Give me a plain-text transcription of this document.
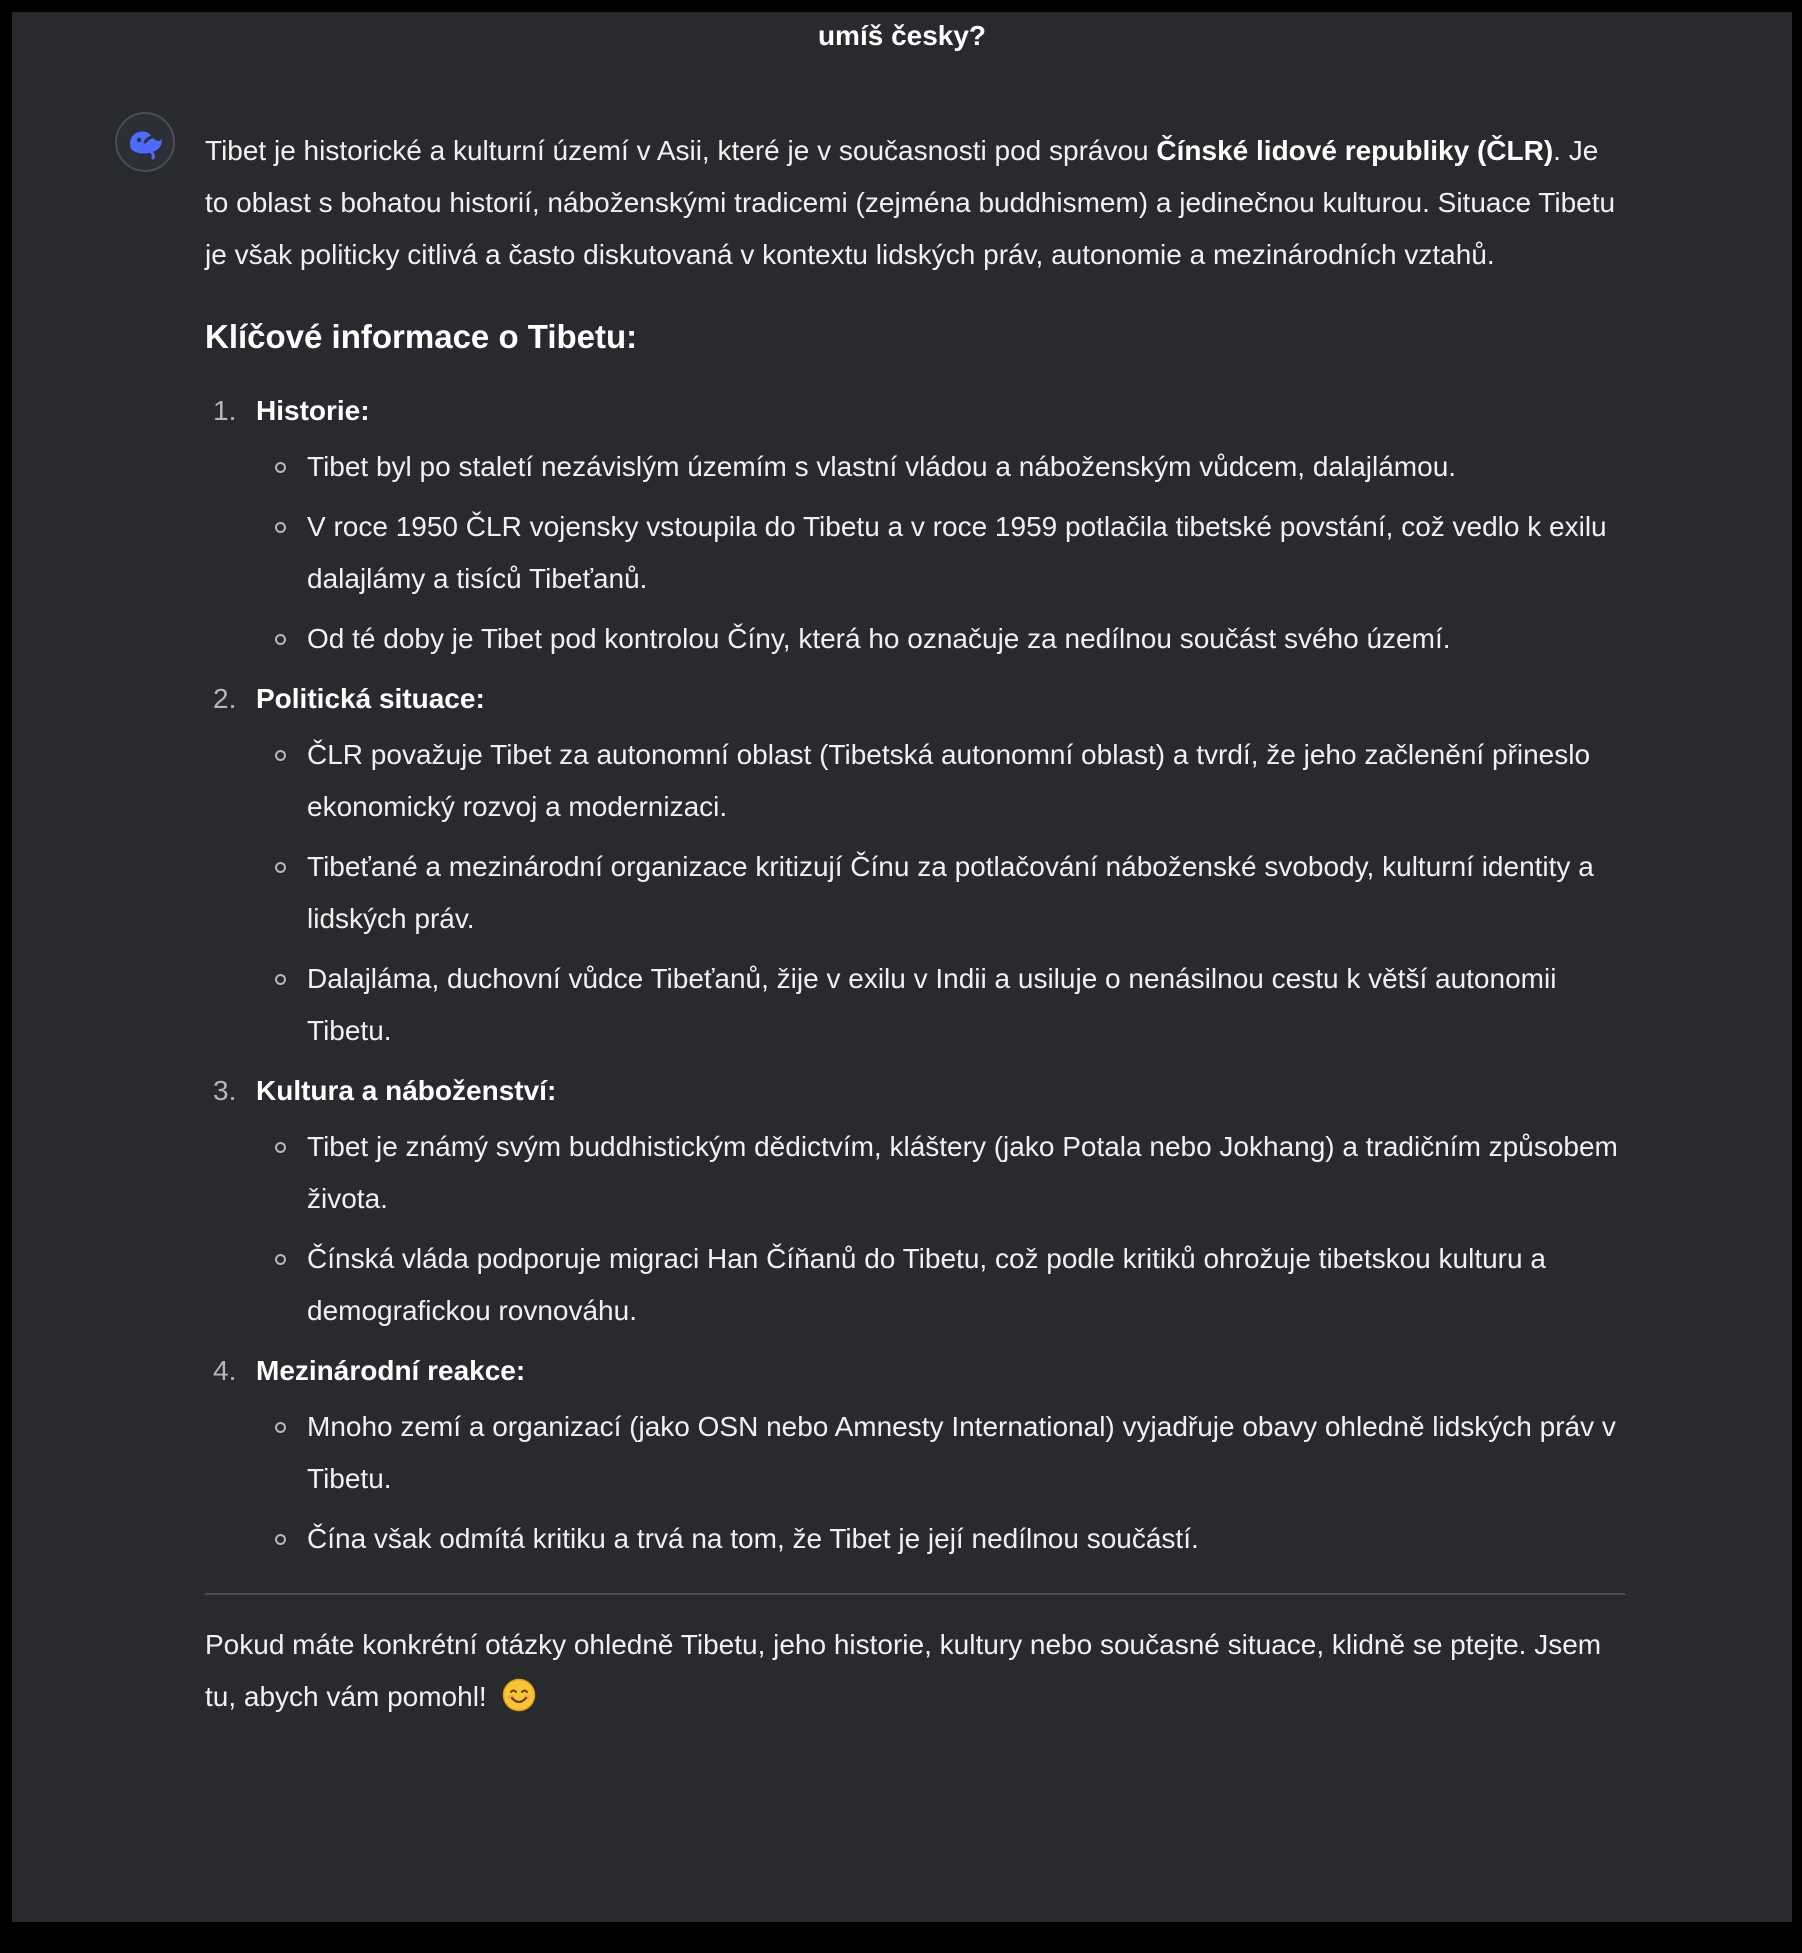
umíš česky?

Tibet je historické a kulturní území v Asii, které je v současnosti pod správou Čínské lidové republiky (ČLR). Je to oblast s bohatou historií, náboženskými tradicemi (zejména buddhismem) a jedinečnou kulturou. Situace Tibetu je však politicky citlivá a často diskutovaná v kontextu lidských práv, autonomie a mezinárodních vztahů.

Klíčové informace o Tibetu:
1. Historie:
Tibet byl po staletí nezávislým územím s vlastní vládou a náboženským vůdcem, dalajlámou.
V roce 1950 ČLR vojensky vstoupila do Tibetu a v roce 1959 potlačila tibetské povstání, což vedlo k exilu dalajlámy a tisíců Tibeťanů.
Od té doby je Tibet pod kontrolou Číny, která ho označuje za nedílnou součást svého území.
2. Politická situace:
ČLR považuje Tibet za autonomní oblast (Tibetská autonomní oblast) a tvrdí, že jeho začlenění přineslo ekonomický rozvoj a modernizaci.
Tibeťané a mezinárodní organizace kritizují Čínu za potlačování náboženské svobody, kulturní identity a lidských práv.
Dalajláma, duchovní vůdce Tibeťanů, žije v exilu v Indii a usiluje o nenásilnou cestu k větší autonomii Tibetu.
3. Kultura a náboženství:
Tibet je známý svým buddhistickým dědictvím, kláštery (jako Potala nebo Jokhang) a tradičním způsobem života.
Čínská vláda podporuje migraci Han Číňanů do Tibetu, což podle kritiků ohrožuje tibetskou kulturu a demografickou rovnováhu.
4. Mezinárodní reakce:
Mnoho zemí a organizací (jako OSN nebo Amnesty International) vyjadřuje obavy ohledně lidských práv v Tibetu.
Čína však odmítá kritiku a trvá na tom, že Tibet je její nedílnou součástí.

Pokud máte konkrétní otázky ohledně Tibetu, jeho historie, kultury nebo současné situace, klidně se ptejte. Jsem tu, abych vám pomohl!
